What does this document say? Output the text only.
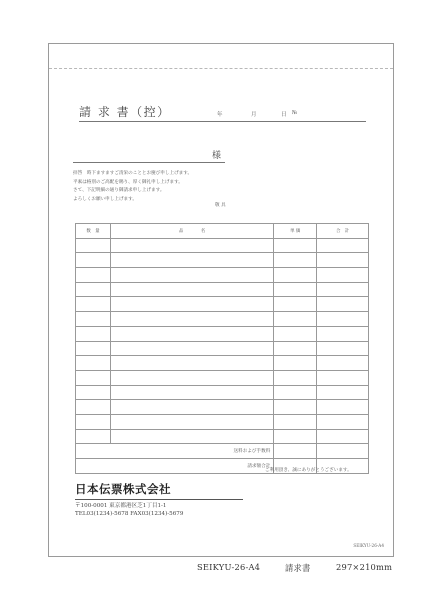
請 求 書（控）	年	月	日 №
様
拝啓　時下ますますご清栄のこととお慶び申し上げます。
平素は格別のご高配を賜り、厚く御礼申し上げます。
さて、下記明細の通り御請求申し上げます。
よろしくお願い申し上げます。
敬 具
数　量	品　　　　名	単 価	合　計

送料および手数料			
請求額合計			
ご利用頂き、誠にありがとうございます。
日本伝票株式会社
〒100-0001 東京都港区芝1丁目1-1
TEL03(1234)-5678 FAX03(1234)-5679
SEIKYU-26-A4
SEIKYU-26-A4	請求書	297×210mm
